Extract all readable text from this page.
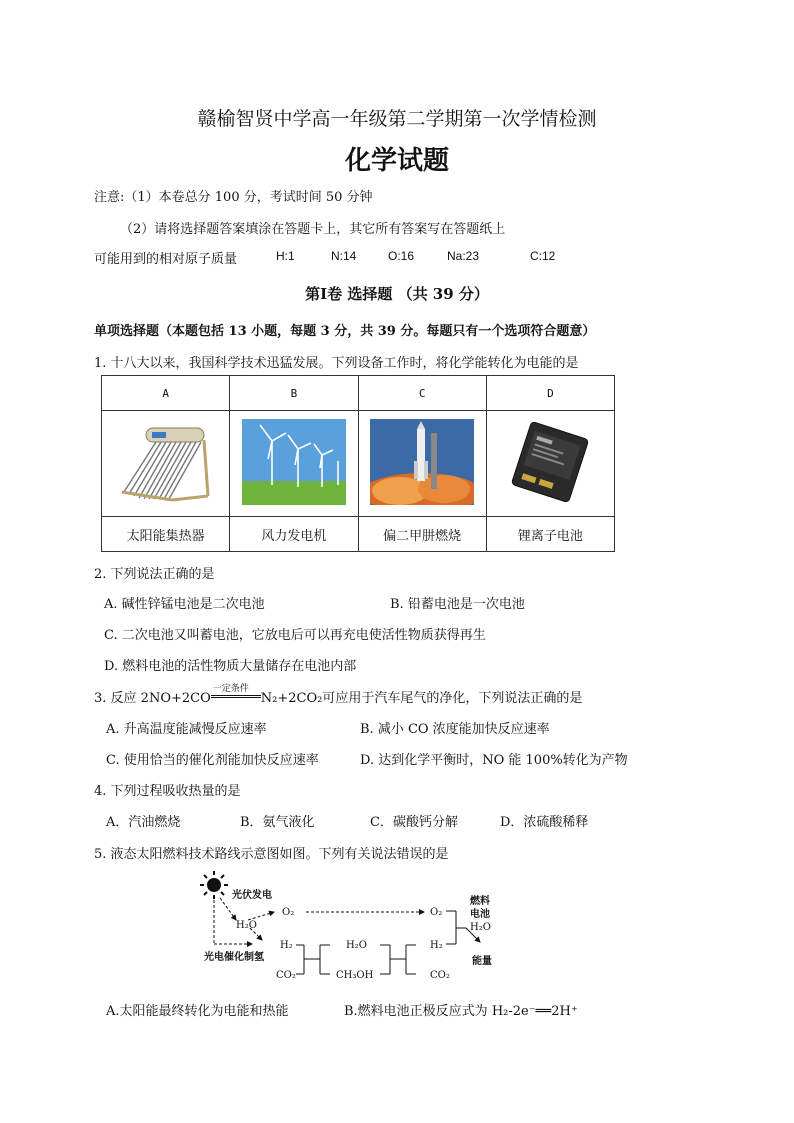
赣榆智贤中学高一年级第二学期第一次学情检测
化学试题
注意:（1）本卷总分 100 分，考试时间 50 分钟
（2）请将选择题答案填涂在答题卡上，其它所有答案写在答题纸上
可能用到的相对原子质量	H:1	N:14	O:16	Na:23	C:12
第Ⅰ卷 选择题 （共 39 分）
单项选择题（本题包括 13 小题，每题 3 分，共 39 分。每题只有一个选项符合题意）
1. 十八大以来，我国科学技术迅猛发展。下列设备工作时，将化学能转化为电能的是
A	B	C	D

太阳能集热器	风力发电机	偏二甲肼燃烧	锂离子电池
2. 下列说法正确的是
A. 碱性锌锰电池是二次电池	B. 铅蓄电池是一次电池
C. 二次电池又叫蓄电池，它放电后可以再充电使活性物质获得再生
D. 燃料电池的活性物质大量储存在电池内部
3. 反应 2NO+2CO
一定条件
N₂+2CO₂可应用于汽车尾气的净化，下列说法正确的是
A. 升高温度能减慢反应速率	B. 减小 CO 浓度能加快反应速率
C. 使用恰当的催化剂能加快反应速率	D. 达到化学平衡时，NO 能 100%转化为产物
4. 下列过程吸收热量的是
A．汽油燃烧	B．氨气液化	C．碳酸钙分解	D．浓硫酸稀释
5. 液态太阳燃料技术路线示意图如图。下列有关说法错误的是
光伏发电
O₂
H₂O
H₂
光电催化制氢
CO₂
H₂O
CH₃OH
O₂
H₂
CO₂
燃料
电池
H₂O
能量
A.太阳能最终转化为电能和热能	B.燃料电池正极反应式为 H₂-2e⁻══2H⁺
